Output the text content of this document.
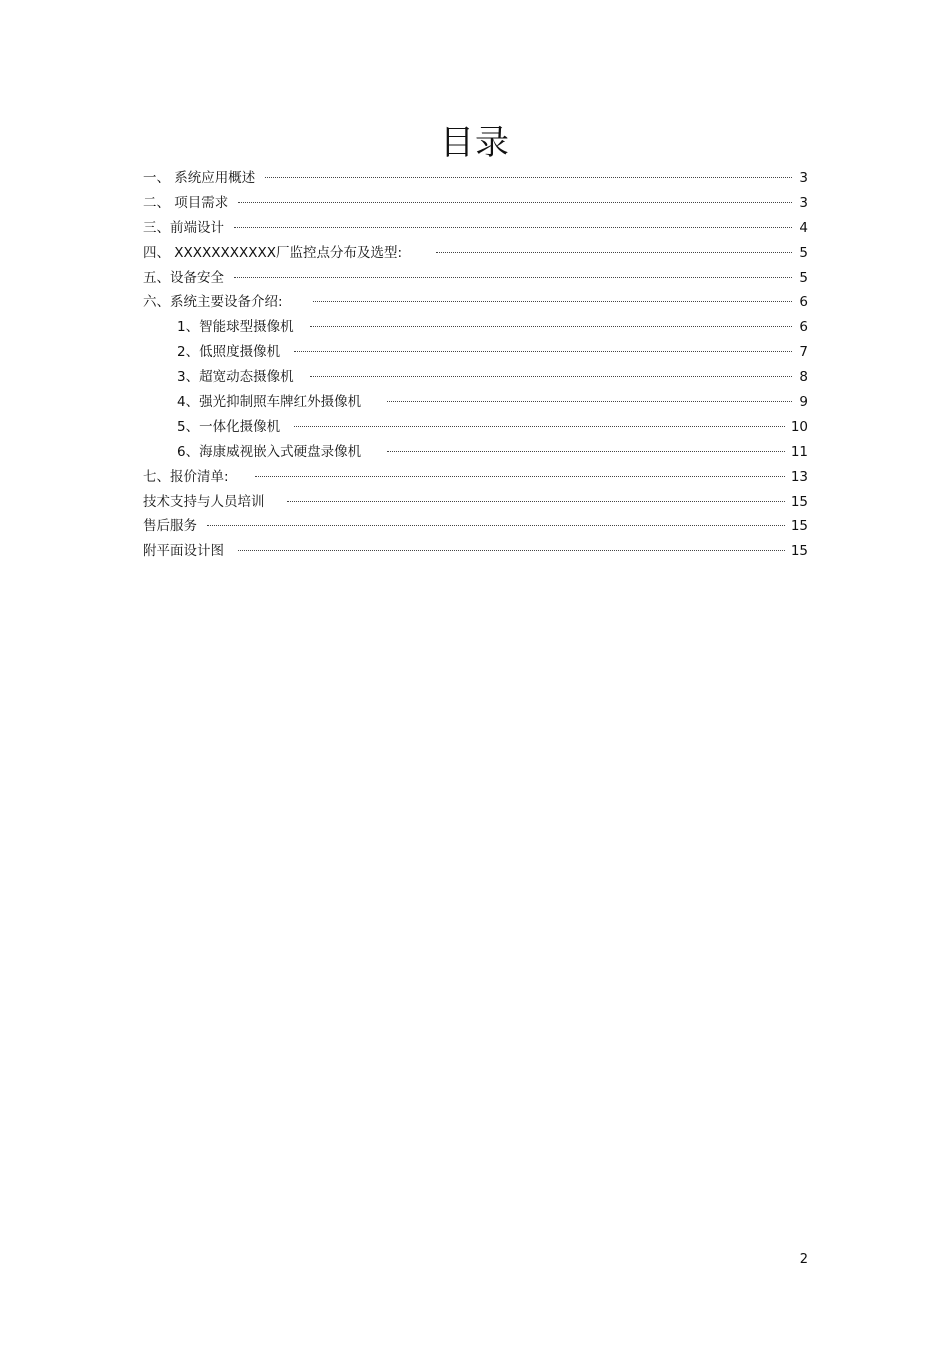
目录
一、 系统应用概述	3
二、 项目需求	3
三、前端设计	4
四、 XXXXXXXXXXX厂监控点分布及选型:	5
五、设备安全	5
六、系统主要设备介绍:	6
1、智能球型摄像机	6
2、低照度摄像机	7
3、超宽动态摄像机	8
4、强光抑制照车牌红外摄像机	9
5、一体化摄像机	10
6、海康威视嵌入式硬盘录像机	11
七、报价清单:	13
技术支持与人员培训	15
售后服务	15
附平面设计图	15
2
